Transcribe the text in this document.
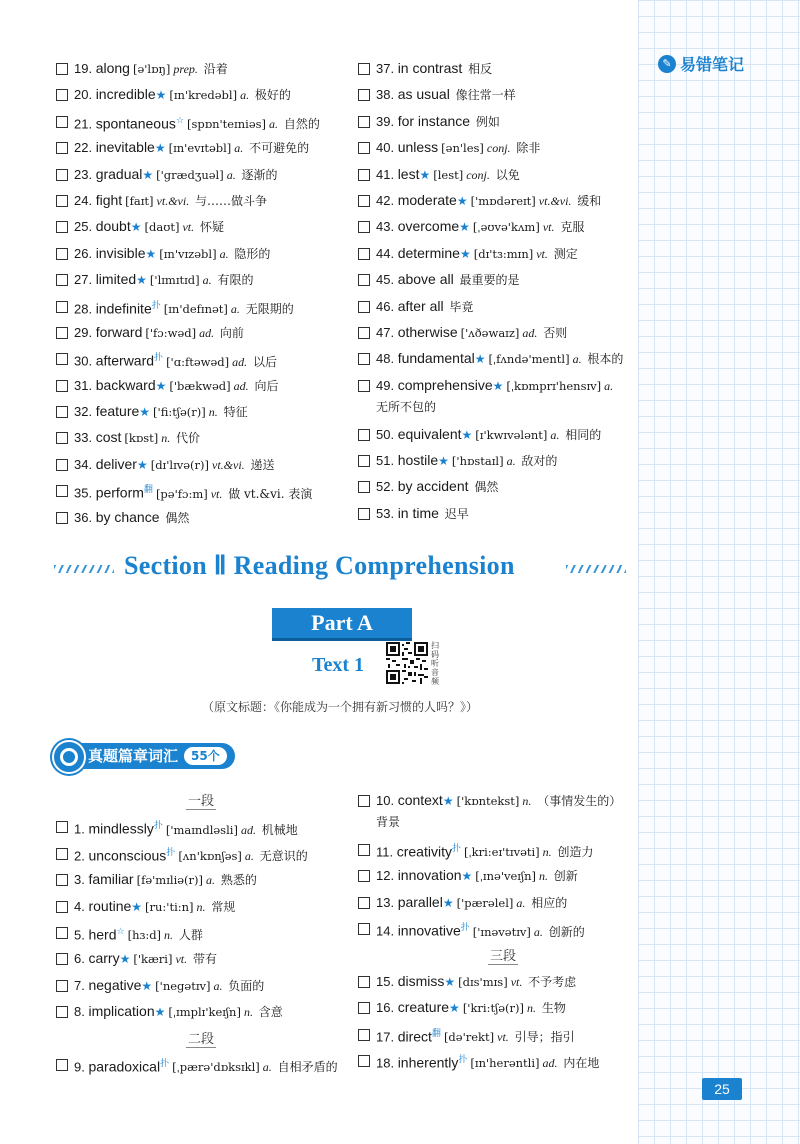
✎ 易错笔记
19. along [ə'lɒŋ] prep. 沿着
20. incredible★ [ɪn'kredəbl] a. 极好的
21. spontaneous☆ [spɒn'teɪniəs] a. 自然的
22. inevitable★ [ɪn'evɪtəbl] a. 不可避免的
23. gradual★ ['grædʒuəl] a. 逐渐的
24. fight [faɪt] vt.&vi. 与……做斗争
25. doubt★ [daʊt] vt. 怀疑
26. invisible★ [ɪn'vɪzəbl] a. 隐形的
27. limited★ ['lɪmɪtɪd] a. 有限的
28. indefinite$^扑$ [ɪn'defɪnət] a. 无限期的
29. forward ['fɔ:wəd] ad. 向前
30. afterward$^扑$ ['ɑ:ftəwəd] ad. 以后
31. backward★ ['bækwəd] ad. 向后
32. feature★ ['fi:tʃə(r)] n. 特征
33. cost [kɒst] n. 代价
34. deliver★ [dɪ'lɪvə(r)] vt.&vi. 递送
35. perform$^翻$ [pə'fɔ:m] vt. 做 vt.&vi. 表演
36. by chance 偶然
37. in contrast 相反
38. as usual 像往常一样
39. for instance 例如
40. unless [ən'les] conj. 除非
41. lest★ [lest] conj. 以免
42. moderate★ ['mɒdəreɪt] vt.&vi. 缓和
43. overcome★ [ˌəʊvə'kʌm] vt. 克服
44. determine★ [dɪ'tɜ:mɪn] vt. 测定
45. above all 最重要的是
46. after all 毕竟
47. otherwise ['ʌðəwaɪz] ad. 否则
48. fundamental★ [ˌfʌndə'mentl] a. 根本的
49. comprehensive★ [ˌkɒmprɪ'hensɪv] a. 无所不包的
50. equivalent★ [ɪ'kwɪvələnt] a. 相同的
51. hostile★ ['hɒstaɪl] a. 敌对的
52. by accident 偶然
53. in time 迟早
Section Ⅱ Reading Comprehension
Part A
Text 1
扫码听音频
（原文标题：《你能成为一个拥有新习惯的人吗？》）
真题篇章词汇	55个
一段
1. mindlessly$^扑$ ['maɪndləsli] ad. 机械地
2. unconscious$^扑$ [ʌn'kɒnʃəs] a. 无意识的
3. familiar [fə'mɪliə(r)] a. 熟悉的
4. routine★ [ru:'ti:n] n. 常规
5. herd☆ [hɜ:d] n. 人群
6. carry★ ['kæri] vt. 带有
7. negative★ ['negətɪv] a. 负面的
8. implication★ [ˌɪmplɪ'keɪʃn] n. 含意
二段
9. paradoxical$^扑$ [ˌpærə'dɒksɪkl] a. 自相矛盾的
10. context★ ['kɒntekst] n. （事情发生的）背景
11. creativity$^扑$ [ˌkri:eɪ'tɪvəti] n. 创造力
12. innovation★ [ˌɪnə'veɪʃn] n. 创新
13. parallel★ ['pærəlel] a. 相应的
14. innovative$^扑$ ['ɪnəvətɪv] a. 创新的
三段
15. dismiss★ [dɪs'mɪs] vt. 不予考虑
16. creature★ ['kri:tʃə(r)] n. 生物
17. direct$^翻$ [də'rekt] vt. 引导；指引
18. inherently$^扑$ [ɪn'herəntli] ad. 内在地
25
